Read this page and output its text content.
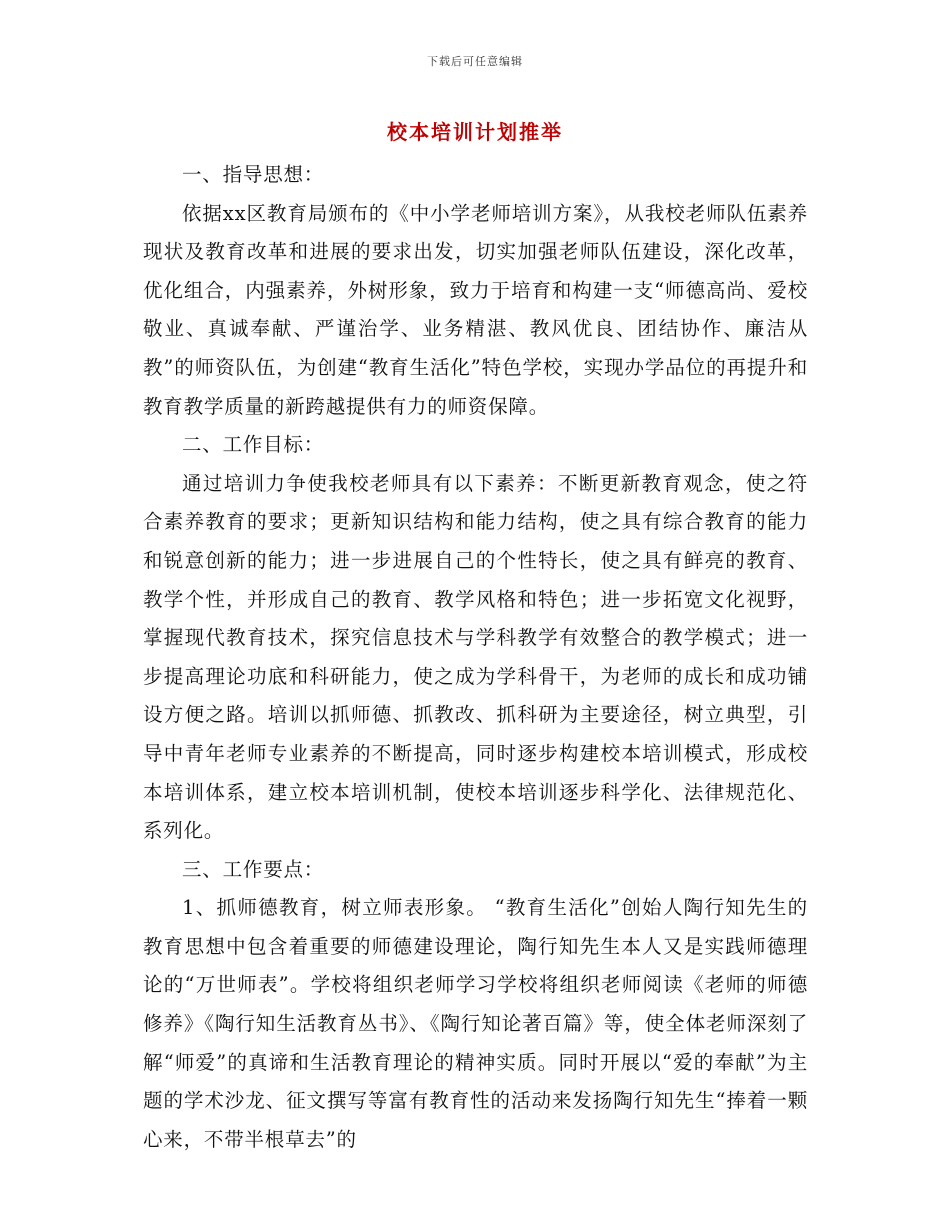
下载后可任意编辑
校本培训计划推举

一、指导思想：

依据xx区教育局颁布的《中小学老师培训方案》，从我校老师队伍素养现状及教育改革和进展的要求出发，切实加强老师队伍建设，深化改革，优化组合，内强素养，外树形象，致力于培育和构建一支“师德高尚、爱校敬业、真诚奉献、严谨治学、业务精湛、教风优良、团结协作、廉洁从教”的师资队伍，为创建“教育生活化”特色学校，实现办学品位的再提升和教育教学质量的新跨越提供有力的师资保障。

二、工作目标：

通过培训力争使我校老师具有以下素养：不断更新教育观念，使之符合素养教育的要求；更新知识结构和能力结构，使之具有综合教育的能力和锐意创新的能力；进一步进展自己的个性特长，使之具有鲜亮的教育、教学个性，并形成自己的教育、教学风格和特色；进一步拓宽文化视野，掌握现代教育技术，探究信息技术与学科教学有效整合的教学模式；进一步提高理论功底和科研能力，使之成为学科骨干，为老师的成长和成功铺设方便之路。培训以抓师德、抓教改、抓科研为主要途径，树立典型，引导中青年老师专业素养的不断提高，同时逐步构建校本培训模式，形成校本培训体系，建立校本培训机制，使校本培训逐步科学化、法律规范化、系列化。

三、工作要点：

1、抓师德教育，树立师表形象。 “教育生活化”创始人陶行知先生的教育思想中包含着重要的师德建设理论，陶行知先生本人又是实践师德理论的“万世师表”。学校将组织老师学习学校将组织老师阅读《老师的师德修养》《陶行知生活教育丛书》、《陶行知论著百篇》等，使全体老师深刻了解“师爱”的真谛和生活教育理论的精神实质。同时开展以“爱的奉献”为主题的学术沙龙、征文撰写等富有教育性的活动来发扬陶行知先生“捧着一颗心来，不带半根草去”的
